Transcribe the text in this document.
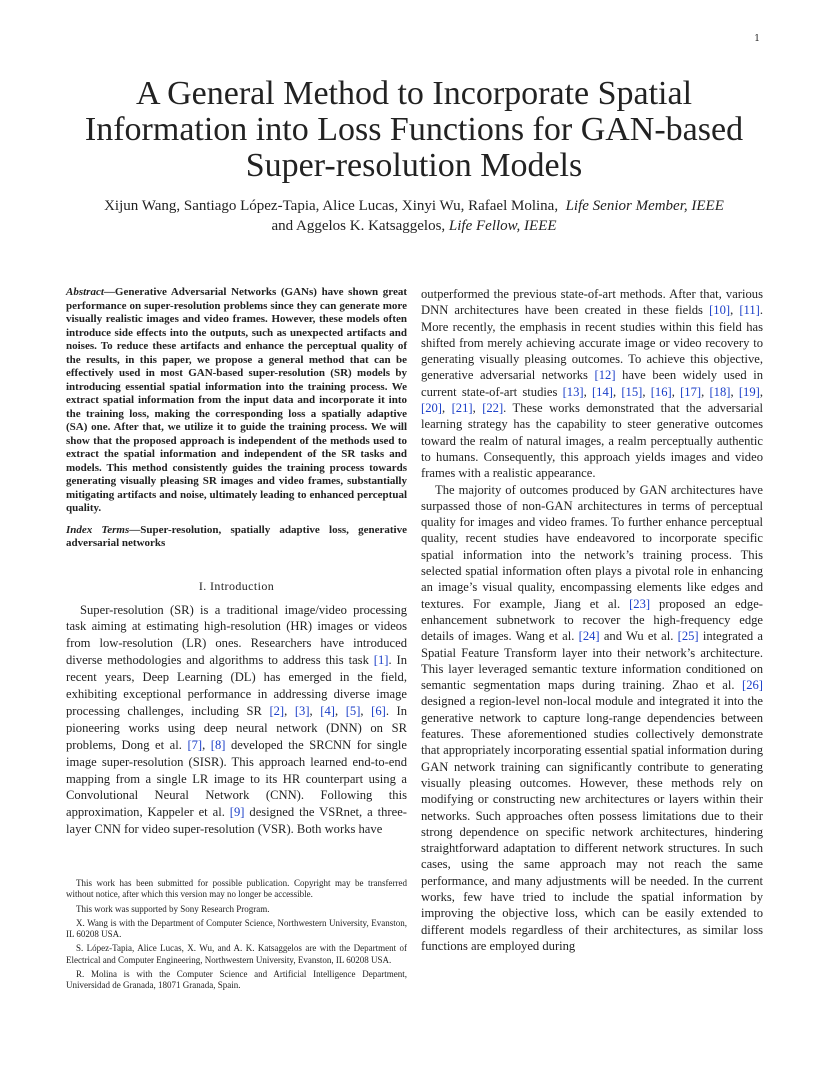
1
A General Method to Incorporate Spatial
Information into Loss Functions for GAN-based
Super-resolution Models
Xijun Wang, Santiago López-Tapia, Alice Lucas, Xinyi Wu, Rafael Molina, Life Senior Member, IEEE
and Aggelos K. Katsaggelos, Life Fellow, IEEE

Abstract—Generative Adversarial Networks (GANs) have shown great performance on super-resolution problems since they can generate more visually realistic images and video frames. However, these models often introduce side effects into the outputs, such as unexpected artifacts and noises. To reduce these artifacts and enhance the perceptual quality of the results, in this paper, we propose a general method that can be effectively used in most GAN-based super-resolution (SR) models by introducing essential spatial information into the training process. We extract spatial information from the input data and incorporate it into the training loss, making the corresponding loss a spatially adaptive (SA) one. After that, we utilize it to guide the training process. We will show that the proposed approach is independent of the methods used to extract the spatial information and independent of the SR tasks and models. This method consistently guides the training process towards generating visually pleasing SR images and video frames, substantially mitigating artifacts and noise, ultimately leading to enhanced perceptual quality.

Index Terms—Super-resolution, spatially adaptive loss, generative adversarial networks

I. Introduction

Super-resolution (SR) is a traditional image/video processing task aiming at estimating high-resolution (HR) images or videos from low-resolution (LR) ones. Researchers have introduced diverse methodologies and algorithms to address this task [1]. In recent years, Deep Learning (DL) has emerged in the field, exhibiting exceptional performance in addressing diverse image processing challenges, including SR [2], [3], [4], [5], [6]. In pioneering works using deep neural network (DNN) on SR problems, Dong et al. [7], [8] developed the SRCNN for single image super-resolution (SISR). This approach learned end-to-end mapping from a single LR image to its HR counterpart using a Convolutional Neural Network (CNN). Following this approximation, Kappeler et al. [9] designed the VSRnet, a three-layer CNN for video super-resolution (VSR). Both works have

This work has been submitted for possible publication. Copyright may be transferred without notice, after which this version may no longer be accessible.

This work was supported by Sony Research Program.

X. Wang is with the Department of Computer Science, Northwestern University, Evanston, IL 60208 USA.

S. López-Tapia, Alice Lucas, X. Wu, and A. K. Katsaggelos are with the Department of Electrical and Computer Engineering, Northwestern University, Evanston, IL 60208 USA.

R. Molina is with the Computer Science and Artificial Intelligence Department, Universidad de Granada, 18071 Granada, Spain.

outperformed the previous state-of-art methods. After that, various DNN architectures have been created in these fields [10], [11]. More recently, the emphasis in recent studies within this field has shifted from merely achieving accurate image or video recovery to generating visually pleasing outcomes. To achieve this objective, generative adversarial networks [12] have been widely used in current state-of-art studies [13], [14], [15], [16], [17], [18], [19], [20], [21], [22]. These works demonstrated that the adversarial learning strategy has the capability to steer generative outcomes toward the realm of natural images, a realm perceptually authentic to humans. Consequently, this approach yields images and video frames with a realistic appearance.

The majority of outcomes produced by GAN architectures have surpassed those of non-GAN architectures in terms of perceptual quality for images and video frames. To further enhance perceptual quality, recent studies have endeavored to incorporate specific spatial information into the network’s training process. This selected spatial information often plays a pivotal role in enhancing an image’s visual quality, encompassing elements like edges and textures. For example, Jiang et al. [23] proposed an edge-enhancement subnetwork to recover the high-frequency edge details of images. Wang et al. [24] and Wu et al. [25] integrated a Spatial Feature Transform layer into their network’s architecture. This layer leveraged semantic texture information conditioned on semantic segmentation maps during training. Zhao et al. [26] designed a region-level non-local module and integrated it into the generative network to capture long-range dependencies between features. These aforementioned studies collectively demonstrate that appropriately incorporating essential spatial information during GAN network training can significantly contribute to generating visually pleasing outcomes. However, these methods rely on modifying or constructing new architectures or layers within their networks. Such approaches often possess limitations due to their strong dependence on specific network architectures, hindering straightforward adaptation to different network structures. In such cases, using the same approach may not reach the same performance, and many adjustments will be needed. In the current works, few have tried to include the spatial information by improving the objective loss, which can be easily extended to different models regardless of their architectures, as similar loss functions are employed during
